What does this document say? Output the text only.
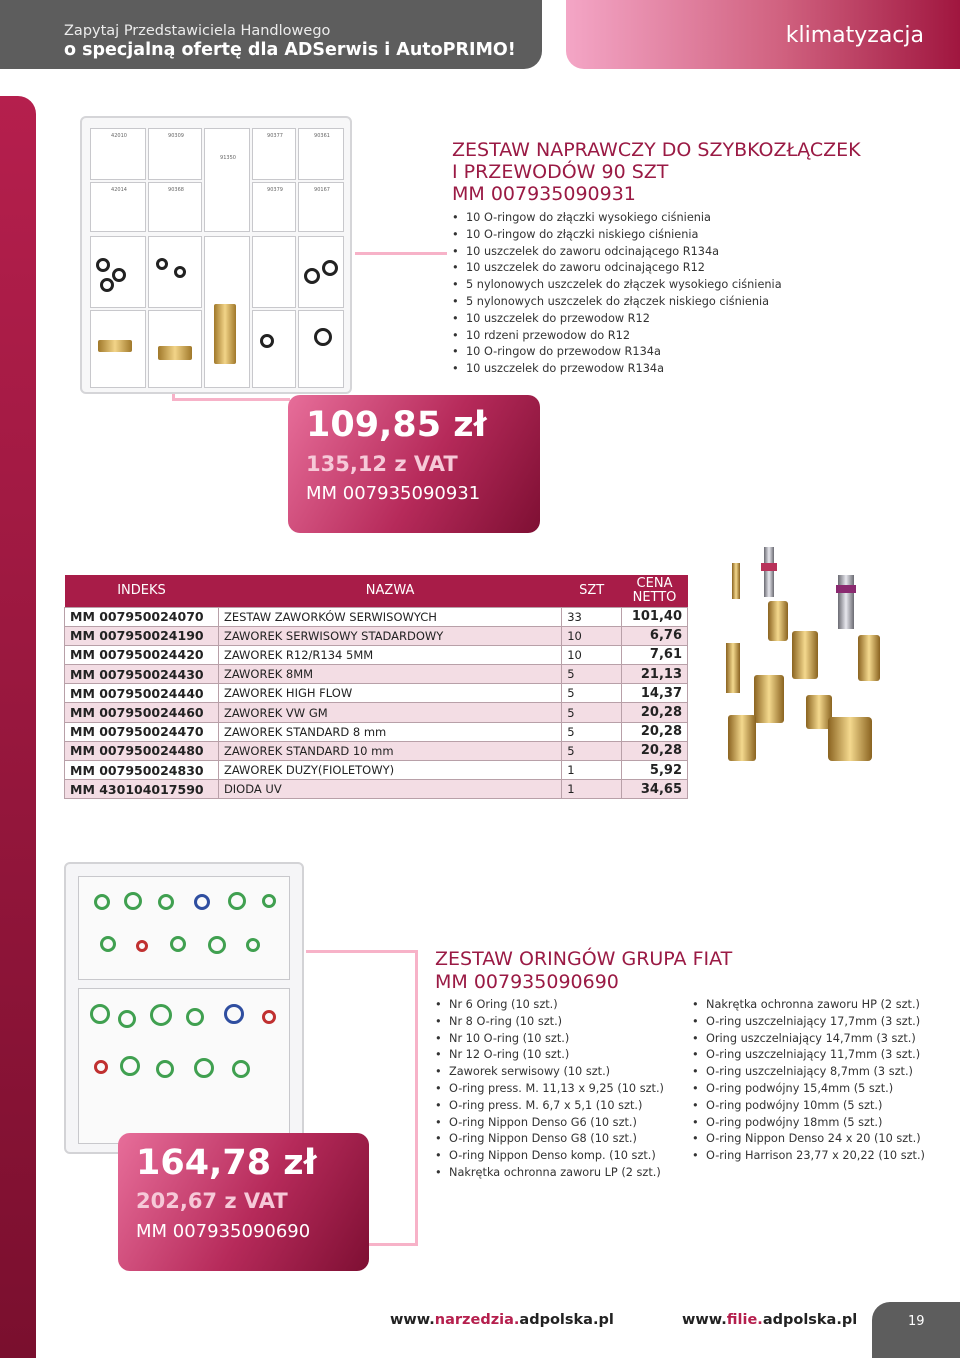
Zapytaj Przedstawiciela Handlowego
o specjalną ofertę dla ADSerwis i AutoPRIMO!
klimatyzacja
42010	90309
42014	90368
91350
90377
90379
90361
90167
ZESTAW NAPRAWCZY DO SZYBKOZŁĄCZEK
I PRZEWODÓW 90 SZT
MM 007935090931
• 10 O-ringow do złączki wysokiego ciśnienia
• 10 O-ringow do złączki niskiego ciśnienia
• 10 uszczelek do zaworu odcinającego R134a
• 10 uszczelek do zaworu odcinającego R12
• 5 nylonowych uszczelek do złączek wysokiego ciśnienia
• 5 nylonowych uszczelek do złączek niskiego ciśnienia
• 10 uszczelek do przewodow R12
• 10 rdzeni przewodow do R12
• 10 O-ringow do przewodow R134a
• 10 uszczelek do przewodow R134a
109,85 zł
135,12 z VAT
MM 007935090931
INDEKS	NAZWA	SZT	CENA NETTO
MM 007950024070	ZESTAW ZAWORKÓW SERWISOWYCH	33	101,40
MM 007950024190	ZAWOREK SERWISOWY STADARDOWY	10	6,76
MM 007950024420	ZAWOREK R12/R134 5MM	10	7,61
MM 007950024430	ZAWOREK 8MM	5	21,13
MM 007950024440	ZAWOREK HIGH FLOW	5	14,37
MM 007950024460	ZAWOREK VW GM	5	20,28
MM 007950024470	ZAWOREK STANDARD 8 mm	5	20,28
MM 007950024480	ZAWOREK STANDARD 10 mm	5	20,28
MM 007950024830	ZAWOREK DUZY(FIOLETOWY)	1	5,92
MM 430104017590	DIODA UV	1	34,65
ZESTAW ORINGÓW GRUPA FIAT
MM 007935090690
• Nr 6 Oring (10 szt.)
• Nr 8 O-ring (10 szt.)
• Nr 10 O-ring (10 szt.)
• Nr 12 O-ring (10 szt.)
• Zaworek serwisowy (10 szt.)
• O-ring press. M. 11,13 x 9,25 (10 szt.)
• O-ring press. M. 6,7 x 5,1 (10 szt.)
• O-ring Nippon Denso G6 (10 szt.)
• O-ring Nippon Denso G8 (10 szt.)
• O-ring Nippon Denso komp. (10 szt.)
• Nakrętka ochronna zaworu LP (2 szt.)
• Nakrętka ochronna zaworu HP (2 szt.)
• O-ring uszczelniający 17,7mm (3 szt.)
• Oring uszczelniający 14,7mm (3 szt.)
• O-ring uszczelniający 11,7mm (3 szt.)
• O-ring uszczelniający 8,7mm (3 szt.)
• O-ring podwójny 15,4mm (5 szt.)
• O-ring podwójny 10mm (5 szt.)
• O-ring podwójny 18mm (5 szt.)
• O-ring Nippon Denso 24 x 20 (10 szt.)
• O-ring Harrison 23,77 x 20,22 (10 szt.)
164,78 zł
202,67 z VAT
MM 007935090690
www.narzedzia.adpolska.pl	www.filie.adpolska.pl	19
